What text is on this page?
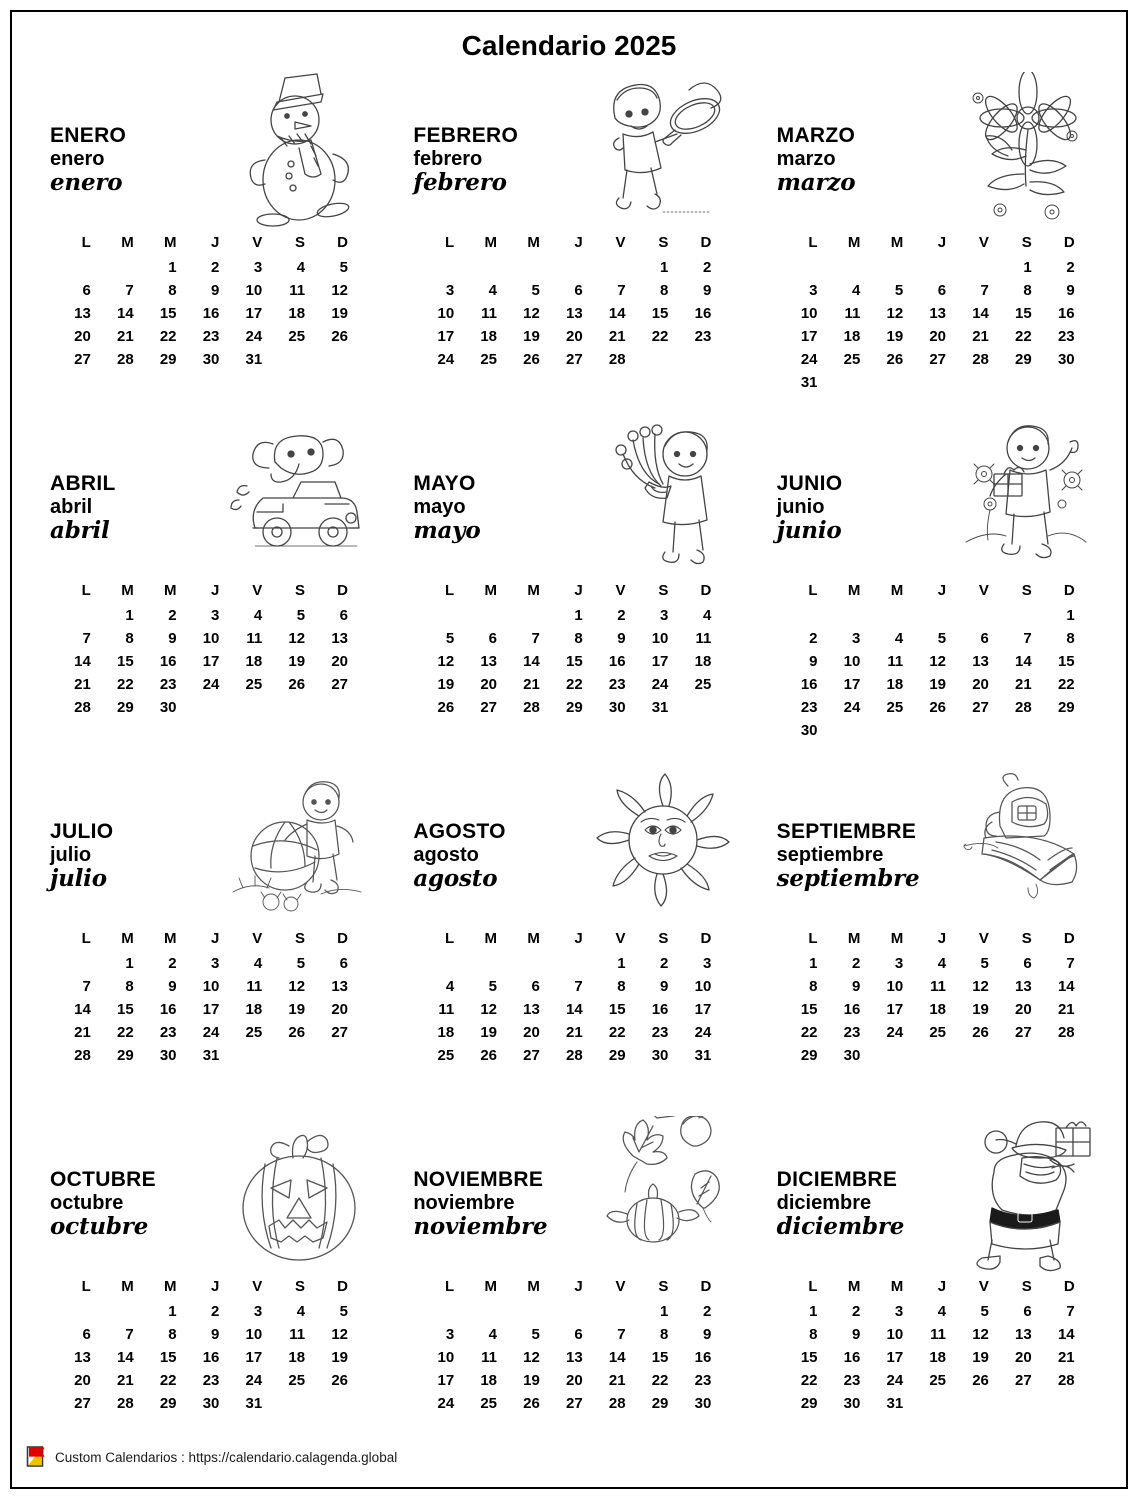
Calendario 2025
ENERO
enero
enero
L	M	M	J	V	S	D
		1	2	3	4	5
6	7	8	9	10	11	12
13	14	15	16	17	18	19
20	21	22	23	24	25	26
27	28	29	30	31		
FEBRERO
febrero
febrero
L	M	M	J	V	S	D
					1	2
3	4	5	6	7	8	9
10	11	12	13	14	15	16
17	18	19	20	21	22	23
24	25	26	27	28		
MARZO
marzo
marzo
L	M	M	J	V	S	D
					1	2
3	4	5	6	7	8	9
10	11	12	13	14	15	16
17	18	19	20	21	22	23
24	25	26	27	28	29	30
31						
ABRIL
abril
abril
L	M	M	J	V	S	D
	1	2	3	4	5	6
7	8	9	10	11	12	13
14	15	16	17	18	19	20
21	22	23	24	25	26	27
28	29	30				
MAYO
mayo
mayo
L	M	M	J	V	S	D
			1	2	3	4
5	6	7	8	9	10	11
12	13	14	15	16	17	18
19	20	21	22	23	24	25
26	27	28	29	30	31	
JUNIO
junio
junio
L	M	M	J	V	S	D
						1
2	3	4	5	6	7	8
9	10	11	12	13	14	15
16	17	18	19	20	21	22
23	24	25	26	27	28	29
30						
JULIO
julio
julio
L	M	M	J	V	S	D
	1	2	3	4	5	6
7	8	9	10	11	12	13
14	15	16	17	18	19	20
21	22	23	24	25	26	27
28	29	30	31			
AGOSTO
agosto
agosto
L	M	M	J	V	S	D
				1	2	3
4	5	6	7	8	9	10
11	12	13	14	15	16	17
18	19	20	21	22	23	24
25	26	27	28	29	30	31
SEPTIEMBRE
septiembre
septiembre
L	M	M	J	V	S	D
1	2	3	4	5	6	7
8	9	10	11	12	13	14
15	16	17	18	19	20	21
22	23	24	25	26	27	28
29	30					
OCTUBRE
octubre
octubre
L	M	M	J	V	S	D
		1	2	3	4	5
6	7	8	9	10	11	12
13	14	15	16	17	18	19
20	21	22	23	24	25	26
27	28	29	30	31		
NOVIEMBRE
noviembre
noviembre
L	M	M	J	V	S	D
					1	2
3	4	5	6	7	8	9
10	11	12	13	14	15	16
17	18	19	20	21	22	23
24	25	26	27	28	29	30
DICIEMBRE
diciembre
diciembre
L	M	M	J	V	S	D
1	2	3	4	5	6	7
8	9	10	11	12	13	14
15	16	17	18	19	20	21
22	23	24	25	26	27	28
29	30	31				
Custom Calendarios : https://calendario.calagenda.global
